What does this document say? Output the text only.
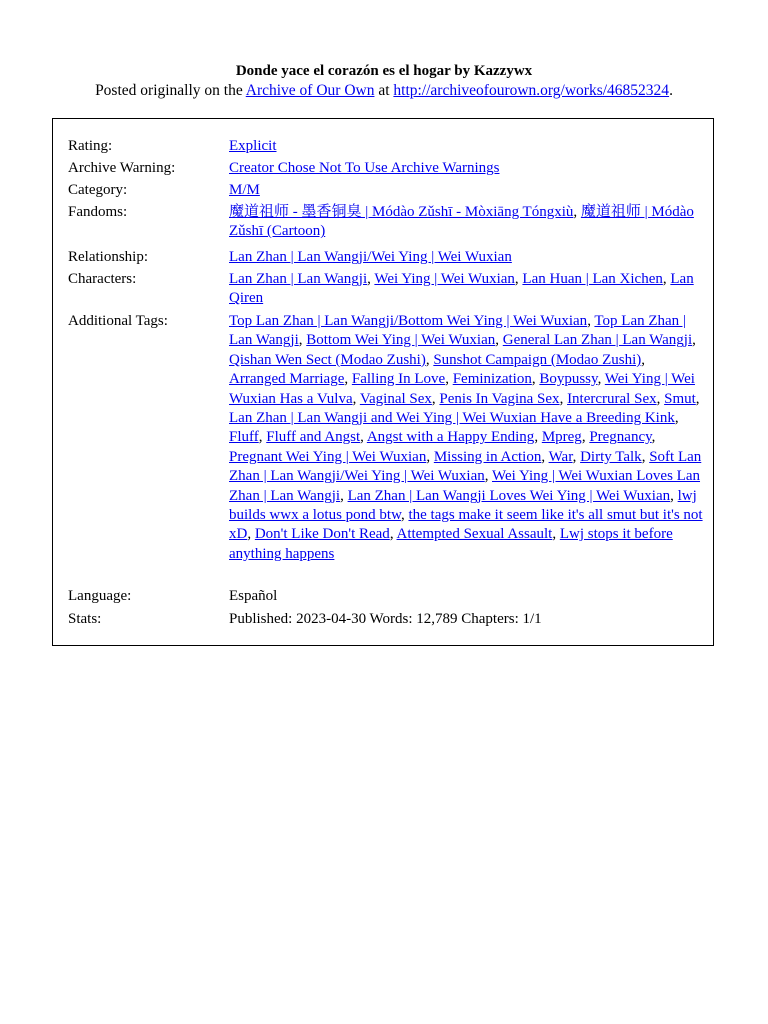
Donde yace el corazón es el hogar by Kazzywx
Posted originally on the Archive of Our Own at http://archiveofourown.org/works/46852324.
Rating:	Explicit
Archive Warning:	Creator Chose Not To Use Archive Warnings
Category:	M/M
Fandoms:	魔道祖师 - 墨香铜臭 | Módào Zǔshī - Mòxiāng Tóngxiù, 魔道祖师 | Módào Zǔshī (Cartoon)
Relationship:	Lan Zhan | Lan Wangji/Wei Ying | Wei Wuxian
Characters:	Lan Zhan | Lan Wangji, Wei Ying | Wei Wuxian, Lan Huan | Lan Xichen, Lan Qiren
Additional Tags:	Top Lan Zhan | Lan Wangji/Bottom Wei Ying | Wei Wuxian, Top Lan Zhan | Lan Wangji, Bottom Wei Ying | Wei Wuxian, General Lan Zhan | Lan Wangji, Qishan Wen Sect (Modao Zushi), Sunshot Campaign (Modao Zushi), Arranged Marriage, Falling In Love, Feminization, Boypussy, Wei Ying | Wei Wuxian Has a Vulva, Vaginal Sex, Penis In Vagina Sex, Intercrural Sex, Smut, Lan Zhan | Lan Wangji and Wei Ying | Wei Wuxian Have a Breeding Kink, Fluff, Fluff and Angst, Angst with a Happy Ending, Mpreg, Pregnancy, Pregnant Wei Ying | Wei Wuxian, Missing in Action, War, Dirty Talk, Soft Lan Zhan | Lan Wangji/Wei Ying | Wei Wuxian, Wei Ying | Wei Wuxian Loves Lan Zhan | Lan Wangji, Lan Zhan | Lan Wangji Loves Wei Ying | Wei Wuxian, lwj builds wwx a lotus pond btw, the tags make it seem like it's all smut but it's not xD, Don't Like Don't Read, Attempted Sexual Assault, Lwj stops it before anything happens
Language:	Español
Stats:	Published: 2023-04-30 Words: 12,789 Chapters: 1/1
